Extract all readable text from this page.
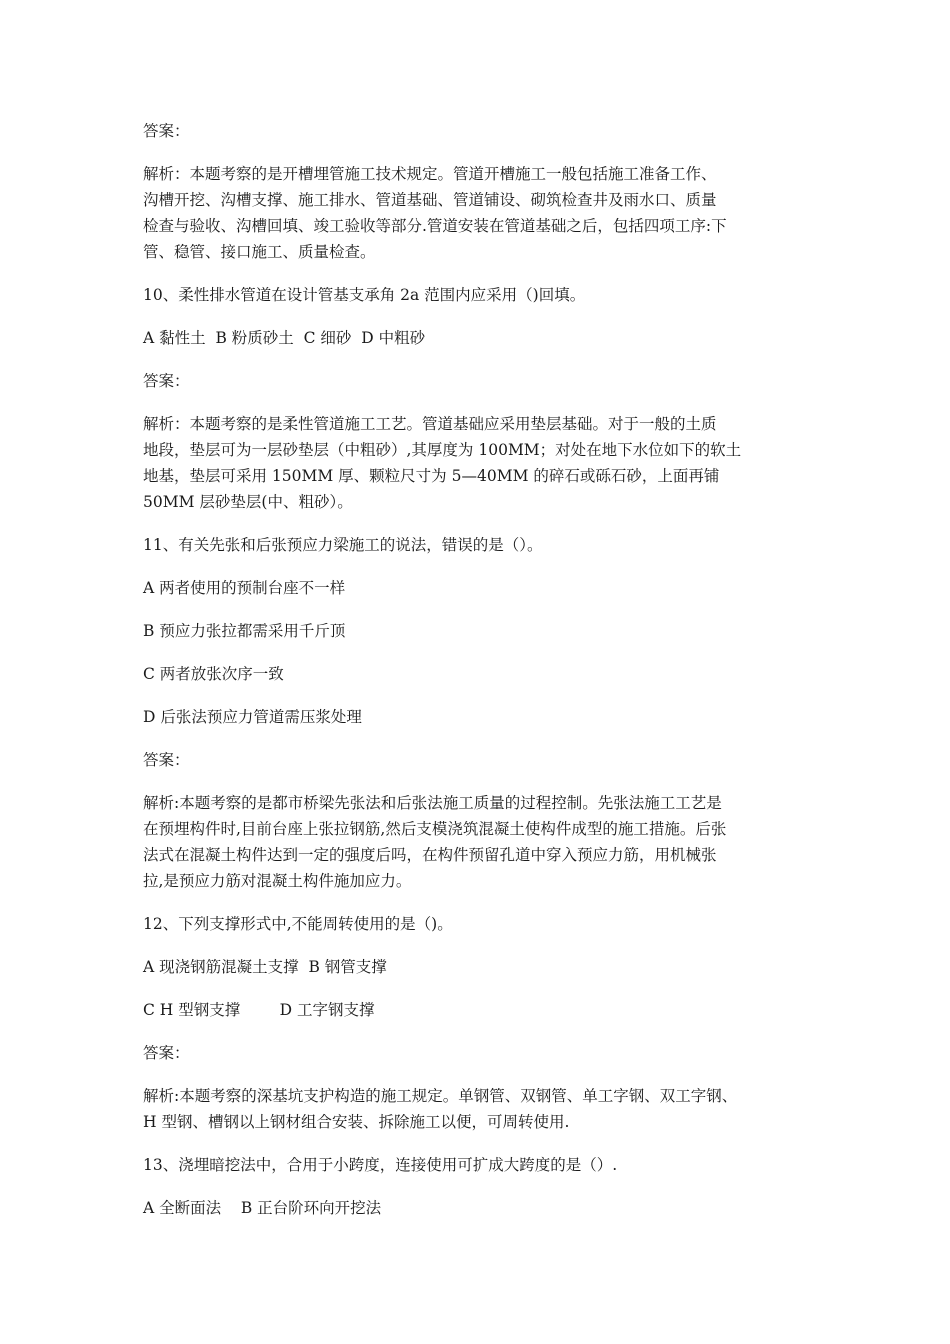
答案：
解析：本题考察的是开槽埋管施工技术规定。管道开槽施工一般包括施工准备工作、
沟槽开挖、沟槽支撑、施工排水、管道基础、管道铺设、砌筑检查井及雨水口、质量
检查与验收、沟槽回填、竣工验收等部分.管道安装在管道基础之后，包括四项工序:下
管、稳管、接口施工、质量检查。
10、柔性排水管道在设计管基支承角 2a 范围内应采用（)回填。
A 黏性土  B 粉质砂土  C 细砂  D 中粗砂
答案：
解析：本题考察的是柔性管道施工工艺。管道基础应采用垫层基础。对于一般的土质
地段，垫层可为一层砂垫层（中粗砂）,其厚度为 100MM；对处在地下水位如下的软土
地基，垫层可采用 150MM 厚、颗粒尺寸为 5—40MM 的碎石或砾石砂，上面再铺
50MM 层砂垫层(中、粗砂）。
11、有关先张和后张预应力梁施工的说法，错误的是（）。
A 两者使用的预制台座不一样
B 预应力张拉都需采用千斤顶
C 两者放张次序一致
D 后张法预应力管道需压浆处理
答案：
解析:本题考察的是都市桥梁先张法和后张法施工质量的过程控制。先张法施工工艺是
在预埋构件时,目前台座上张拉钢筋,然后支模浇筑混凝土使构件成型的施工措施。后张
法式在混凝土构件达到一定的强度后吗，在构件预留孔道中穿入预应力筋，用机械张
拉,是预应力筋对混凝土构件施加应力。
12、下列支撑形式中,不能周转使用的是（)。
A 现浇钢筋混凝土支撑  B 钢管支撑
C H 型钢支撑        D 工字钢支撑
答案：
解析:本题考察的深基坑支护构造的施工规定。单钢管、双钢管、单工字钢、双工字钢、
H 型钢、槽钢以上钢材组合安装、拆除施工以便，可周转使用.
13、浇埋暗挖法中，合用于小跨度，连接使用可扩成大跨度的是（）.
A 全断面法    B 正台阶环向开挖法
